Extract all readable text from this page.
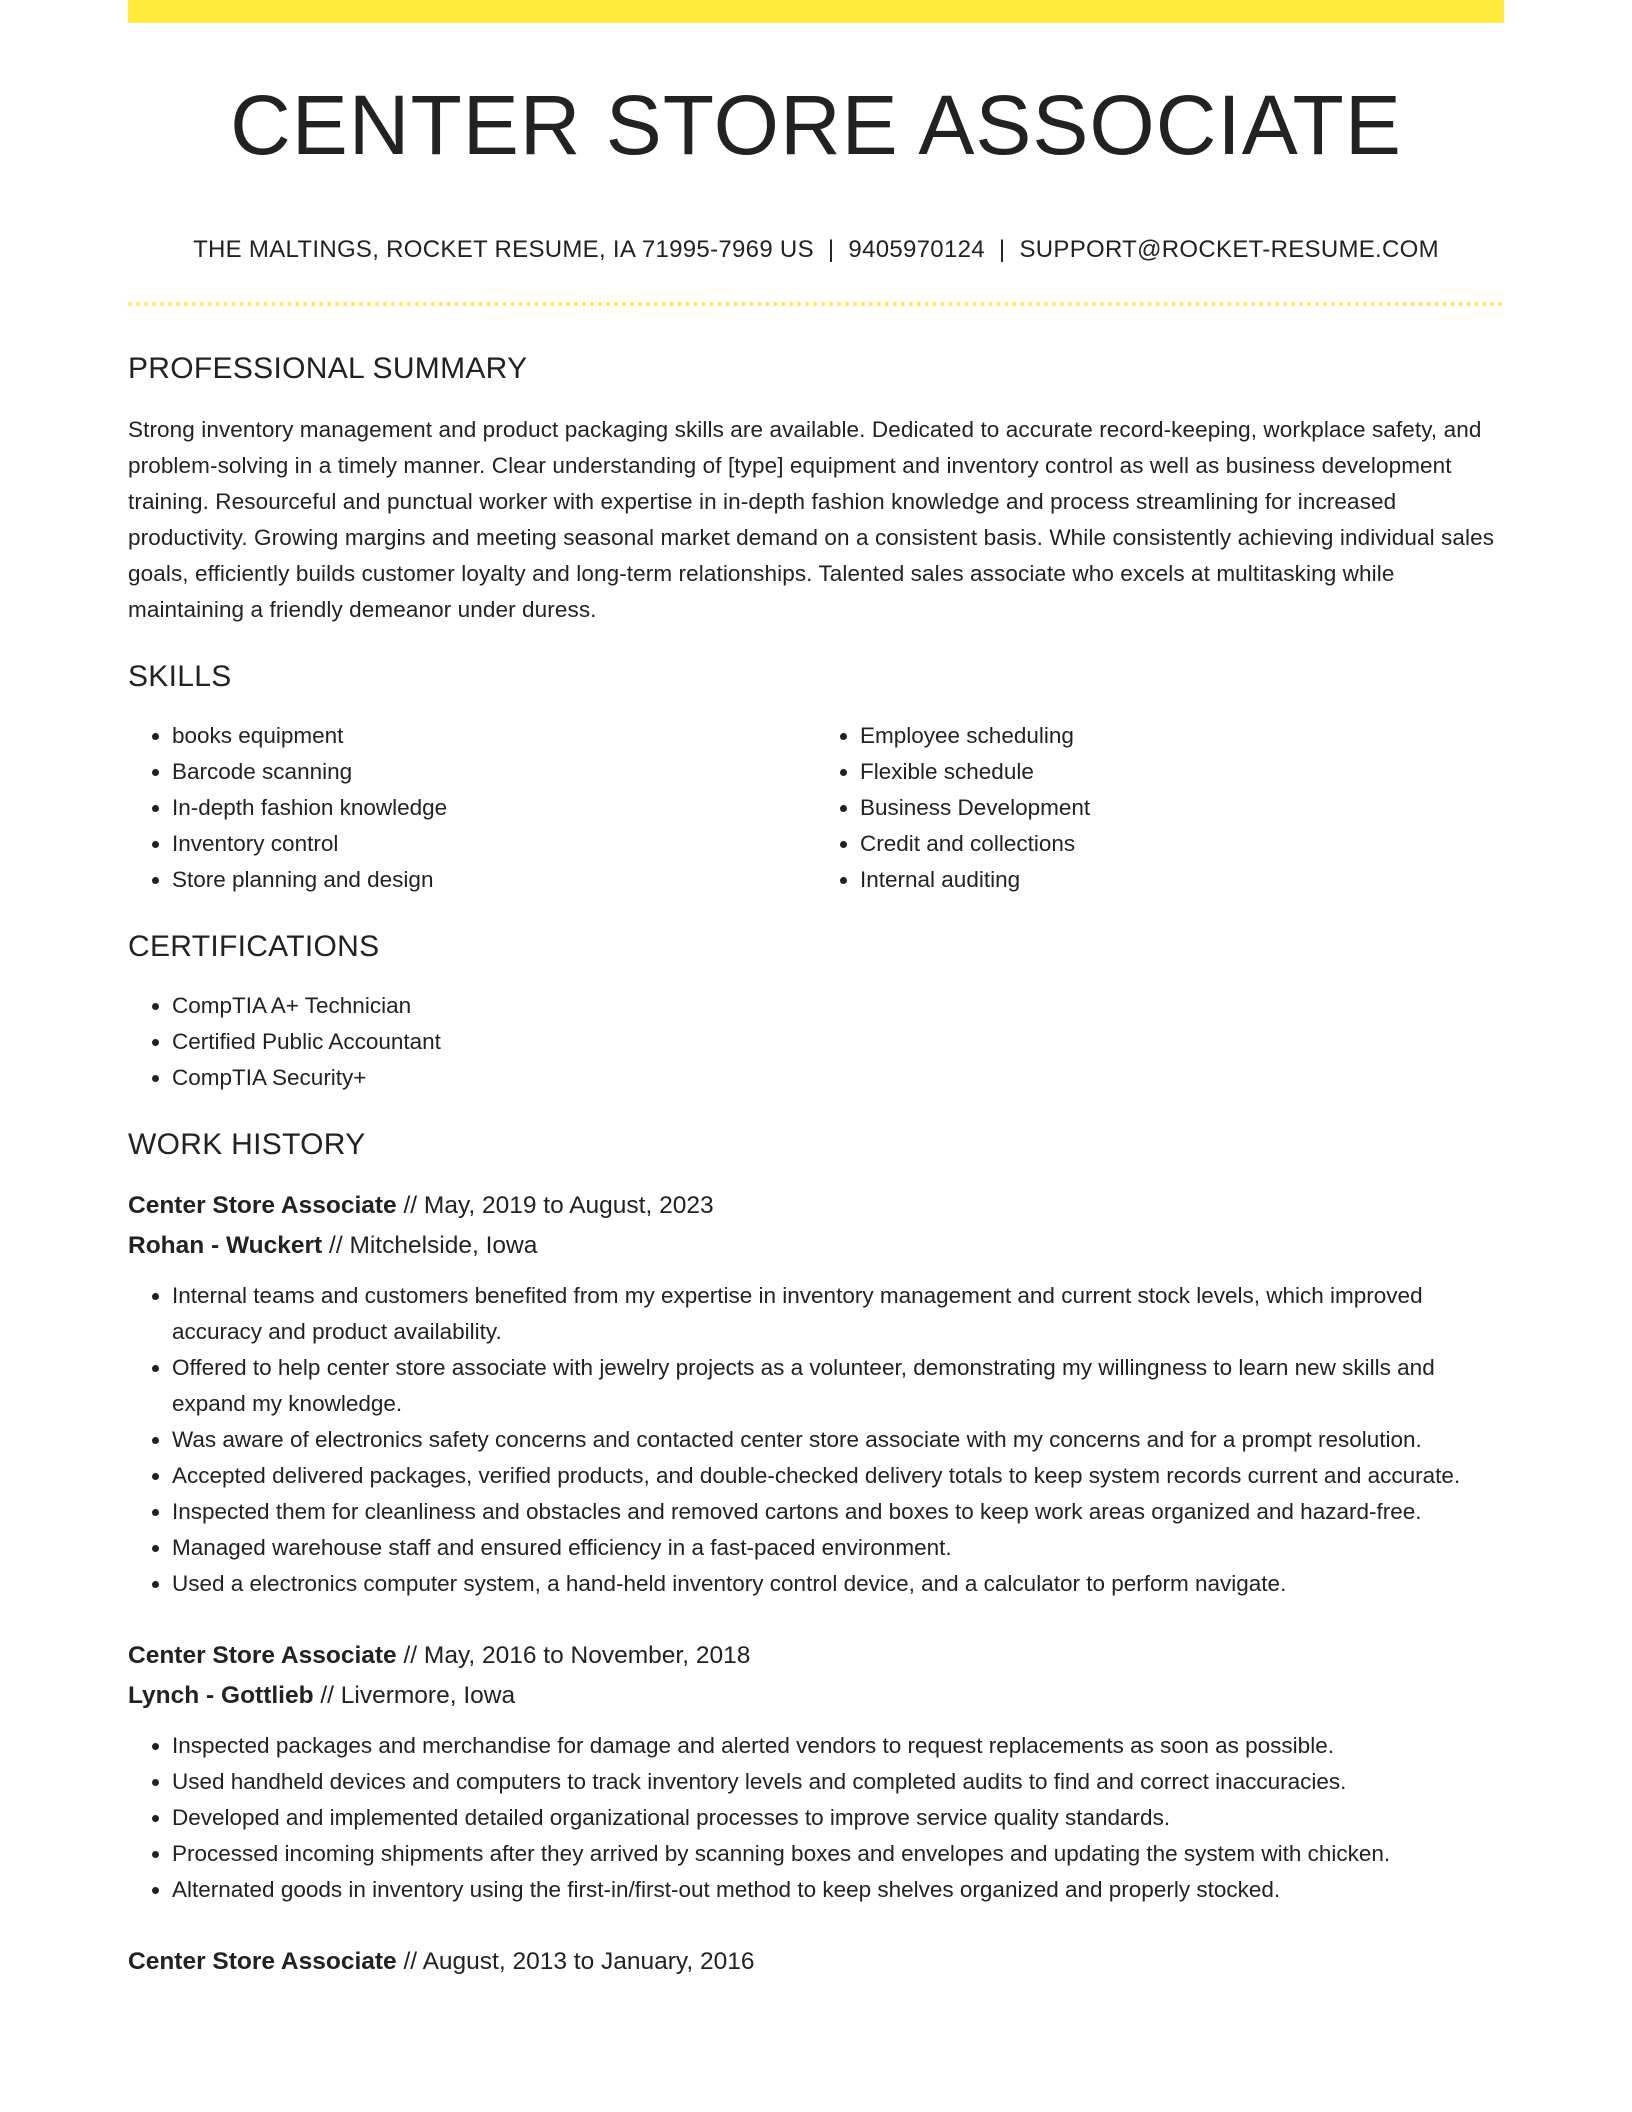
CENTER STORE ASSOCIATE
THE MALTINGS, ROCKET RESUME, IA 71995-7969 US | 9405970124 | SUPPORT@ROCKET-RESUME.COM
PROFESSIONAL SUMMARY

Strong inventory management and product packaging skills are available. Dedicated to accurate record-keeping, workplace safety, and problem-solving in a timely manner. Clear understanding of [type] equipment and inventory control as well as business development training. Resourceful and punctual worker with expertise in in-depth fashion knowledge and process streamlining for increased productivity. Growing margins and meeting seasonal market demand on a consistent basis. While consistently achieving individual sales goals, efficiently builds customer loyalty and long-term relationships. Talented sales associate who excels at multitasking while maintaining a friendly demeanor under duress.

SKILLS
• books equipment
• Barcode scanning
• In-depth fashion knowledge
• Inventory control
• Store planning and design
• Employee scheduling
• Flexible schedule
• Business Development
• Credit and collections
• Internal auditing
CERTIFICATIONS
• CompTIA A+ Technician
• Certified Public Accountant
• CompTIA Security+
WORK HISTORY
Center Store Associate // May, 2019 to August, 2023
Rohan - Wuckert // Mitchelside, Iowa
• Internal teams and customers benefited from my expertise in inventory management and current stock levels, which improved accuracy and product availability.
• Offered to help center store associate with jewelry projects as a volunteer, demonstrating my willingness to learn new skills and expand my knowledge.
• Was aware of electronics safety concerns and contacted center store associate with my concerns and for a prompt resolution.
• Accepted delivered packages, verified products, and double-checked delivery totals to keep system records current and accurate.
• Inspected them for cleanliness and obstacles and removed cartons and boxes to keep work areas organized and hazard-free.
• Managed warehouse staff and ensured efficiency in a fast-paced environment.
• Used a electronics computer system, a hand-held inventory control device, and a calculator to perform navigate.
Center Store Associate // May, 2016 to November, 2018
Lynch - Gottlieb // Livermore, Iowa
• Inspected packages and merchandise for damage and alerted vendors to request replacements as soon as possible.
• Used handheld devices and computers to track inventory levels and completed audits to find and correct inaccuracies.
• Developed and implemented detailed organizational processes to improve service quality standards.
• Processed incoming shipments after they arrived by scanning boxes and envelopes and updating the system with chicken.
• Alternated goods in inventory using the first-in/first-out method to keep shelves organized and properly stocked.
Center Store Associate // August, 2013 to January, 2016
